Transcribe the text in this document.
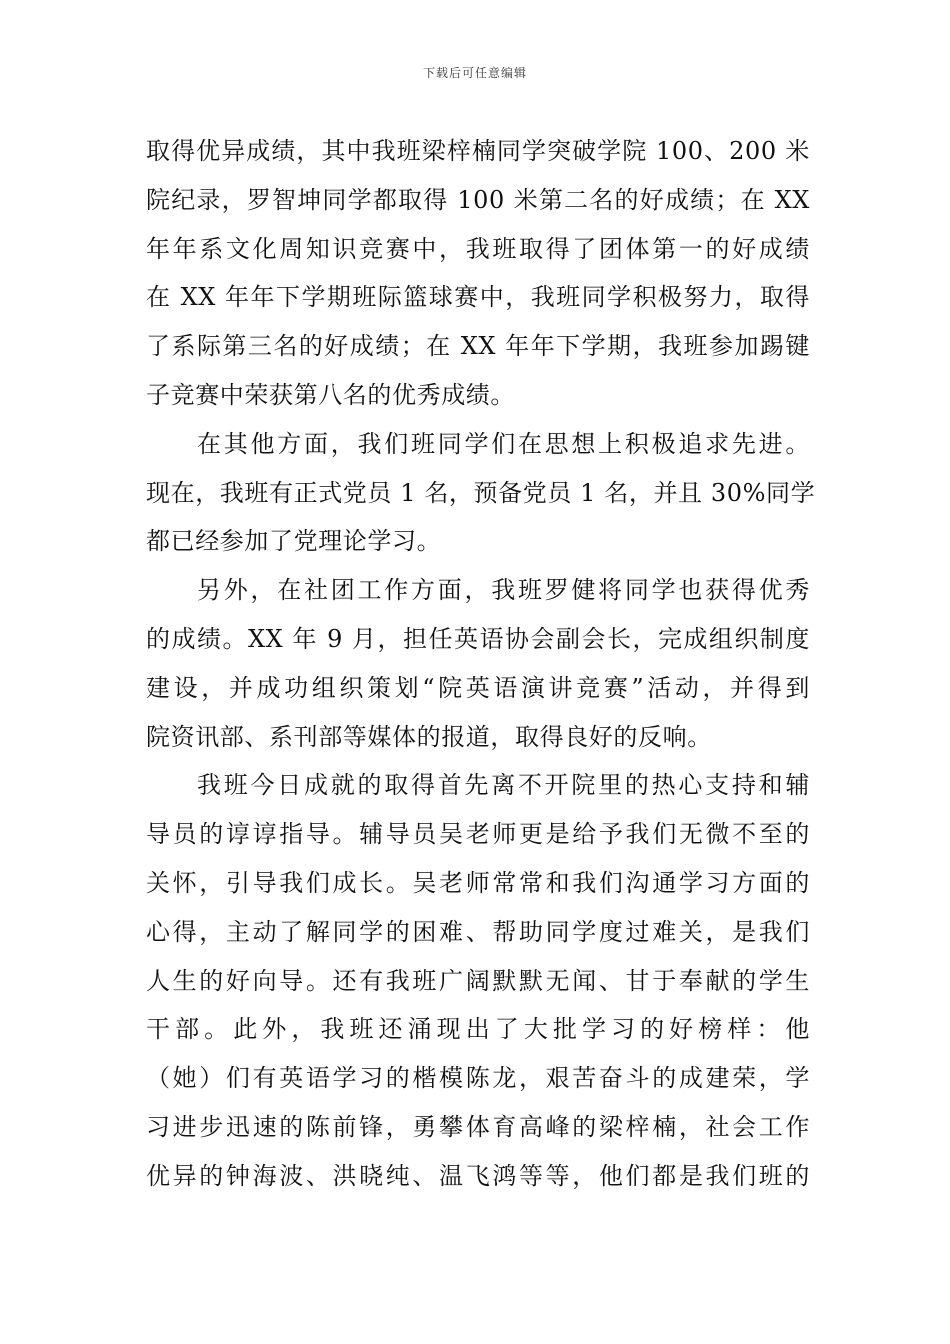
下载后可任意编辑
取得优异成绩，其中我班梁梓楠同学突破学院 100、200 米
院纪录，罗智坤同学都取得 100 米第二名的好成绩；在 XX
年年系文化周知识竞赛中，我班取得了团体第一的好成绩
在 XX 年年下学期班际篮球赛中，我班同学积极努力，取得
了系际第三名的好成绩；在 XX 年年下学期，我班参加踢键
子竞赛中荣获第八名的优秀成绩。
在其他方面，我们班同学们在思想上积极追求先进。
现在，我班有正式党员 1 名，预备党员 1 名，并且 30%同学
都已经参加了党理论学习。
另外，在社团工作方面，我班罗健将同学也获得优秀
的成绩。XX 年 9 月，担任英语协会副会长，完成组织制度
建设，并成功组织策划“院英语演讲竞赛”活动，并得到
院资讯部、系刊部等媒体的报道，取得良好的反响。
我班今日成就的取得首先离不开院里的热心支持和辅
导员的谆谆指导。辅导员吴老师更是给予我们无微不至的
关怀，引导我们成长。吴老师常常和我们沟通学习方面的
心得，主动了解同学的困难、帮助同学度过难关，是我们
人生的好向导。还有我班广阔默默无闻、甘于奉献的学生
干部。此外，我班还涌现出了大批学习的好榜样：他
（她）们有英语学习的楷模陈龙，艰苦奋斗的成建荣，学
习进步迅速的陈前锋，勇攀体育高峰的梁梓楠，社会工作
优异的钟海波、洪晓纯、温飞鸿等等，他们都是我们班的
